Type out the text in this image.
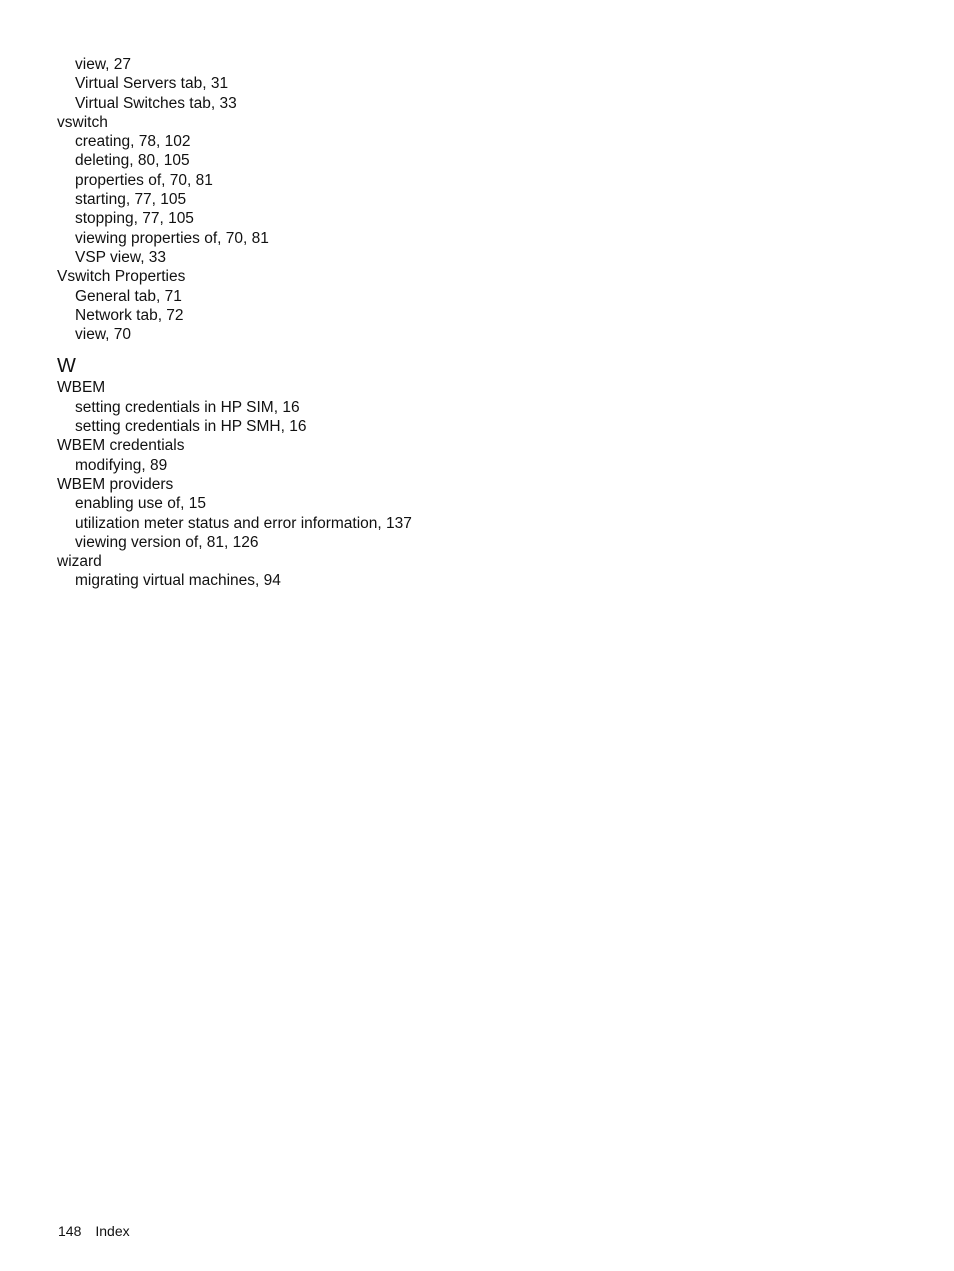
view, 27
Virtual Servers tab, 31
Virtual Switches tab, 33
vswitch
creating, 78, 102
deleting, 80, 105
properties of, 70, 81
starting, 77, 105
stopping, 77, 105
viewing properties of, 70, 81
VSP view, 33
Vswitch Properties
General tab, 71
Network tab, 72
view, 70
W
WBEM
setting credentials in HP SIM, 16
setting credentials in HP SMH, 16
WBEM credentials
modifying, 89
WBEM providers
enabling use of, 15
utilization meter status and error information, 137
viewing version of, 81, 126
wizard
migrating virtual machines, 94
148 Index
